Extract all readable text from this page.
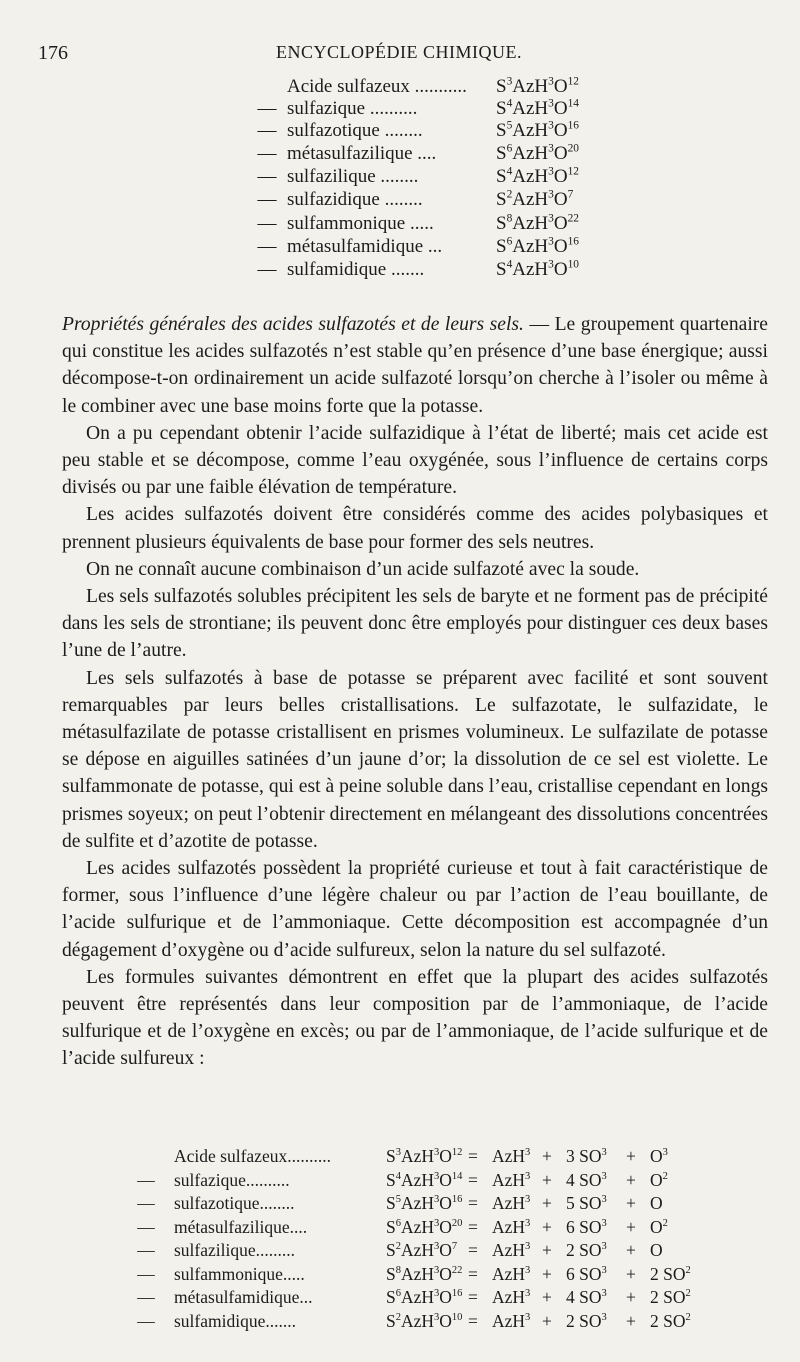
176	ENCYCLOPÉDIE CHIMIQUE.
Acide sulfazeux ........... $S^3AzH^3O^{12}$
— sulfazique ..........	$S^4AzH^3O^{14}$
— sulfazotique ........	$S^5AzH^3O^{16}$
— métasulfazilique ....	$S^6AzH^3O^{20}$
— sulfazilique ........	$S^4AzH^3O^{12}$
— sulfazidique ........	$S^2AzH^3O^7$
— sulfammonique .....	$S^8AzH^3O^{22}$
— métasulfamidique ...	$S^6AzH^3O^{16}$
— sulfamidique .......	$S^4AzH^3O^{10}$

Propriétés générales des acides sulfazotés et de leurs sels. — Le groupement quartenaire qui constitue les acides sulfazotés n’est stable qu’en présence d’une base énergique; aussi décompose-t-on ordinairement un acide sulfazoté lorsqu’on cherche à l’isoler ou même à le combiner avec une base moins forte que la potasse.

On a pu cependant obtenir l’acide sulfazidique à l’état de liberté; mais cet acide est peu stable et se décompose, comme l’eau oxygénée, sous l’influence de certains corps divisés ou par une faible élévation de température.

Les acides sulfazotés doivent être considérés comme des acides polybasiques et prennent plusieurs équivalents de base pour former des sels neutres.

On ne connaît aucune combinaison d’un acide sulfazoté avec la soude.

Les sels sulfazotés solubles précipitent les sels de baryte et ne forment pas de précipité dans les sels de strontiane; ils peuvent donc être employés pour distinguer ces deux bases l’une de l’autre.

Les sels sulfazotés à base de potasse se préparent avec facilité et sont souvent remarquables par leurs belles cristallisations. Le sulfazotate, le sulfazidate, le métasulfazilate de potasse cristallisent en prismes volumineux. Le sulfazilate de potasse se dépose en aiguilles satinées d’un jaune d’or; la dissolution de ce sel est violette. Le sulfammonate de potasse, qui est à peine soluble dans l’eau, cristallise cependant en longs prismes soyeux; on peut l’obtenir directement en mélangeant des dissolutions concentrées de sulfite et d’azotite de potasse.

Les acides sulfazotés possèdent la propriété curieuse et tout à fait caractéristique de former, sous l’influence d’une légère chaleur ou par l’action de l’eau bouillante, de l’acide sulfurique et de l’ammoniaque. Cette décomposition est accompagnée d’un dégagement d’oxygène ou d’acide sulfureux, selon la nature du sel sulfazoté.

Les formules suivantes démontrent en effet que la plupart des acides sulfazotés peuvent être représentés dans leur composition par de l’ammoniaque, de l’acide sulfurique et de l’oxygène en excès; ou par de l’ammoniaque, de l’acide sulfurique et de l’acide sulfureux :

Acide sulfazeux..........	$S^3AzH^3O^{12} = AzH^3 + 3$ $SO^3 + O^3$
— sulfazique..........	$S^4AzH^3O^{14} = AzH^3 + 4$ $SO^3 + O^2$
— sulfazotique........	$S^5AzH^3O^{16} = AzH^3 + 5$ $SO^3 + O$
— métasulfazilique....	$S^6AzH^3O^{20} = AzH^3 + 6$ $SO^3 + O^2$
— sulfazilique.........	$S^2AzH^3O^7 = AzH^3 + 2$ $SO^3 + O$
— sulfammonique.....	$S^8AzH^3O^{22} = AzH^3 + 6$ $SO^3 + 2$ $SO^2$
— métasulfamidique...	$S^6AzH^3O^{16} = AzH^3 + 4$ $SO^3 + 2$ $SO^2$
— sulfamidique.......	$S^2AzH^3O^{10} = AzH^3 + 2$ $SO^3 + 2$ $SO^2$
